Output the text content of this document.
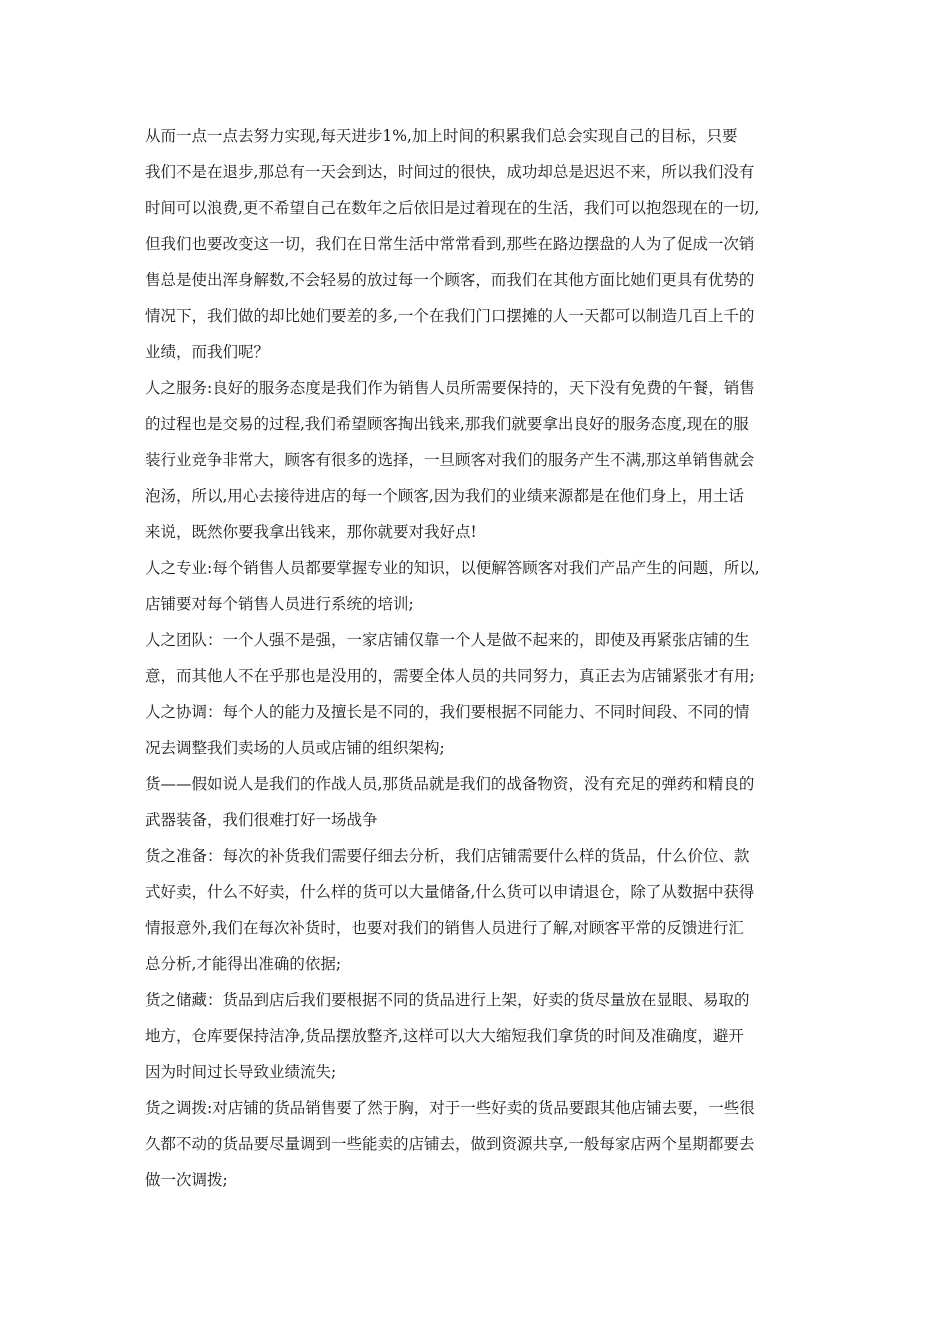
从而一点一点去努力实现,每天进步1%,加上时间的积累我们总会实现自己的目标，只要
我们不是在退步,那总有一天会到达，时间过的很快，成功却总是迟迟不来，所以我们没有
时间可以浪费,更不希望自己在数年之后依旧是过着现在的生活，我们可以抱怨现在的一切,
但我们也要改变这一切，我们在日常生活中常常看到,那些在路边摆盘的人为了促成一次销
售总是使出浑身解数,不会轻易的放过每一个顾客，而我们在其他方面比她们更具有优势的
情况下，我们做的却比她们要差的多,一个在我们门口摆摊的人一天都可以制造几百上千的
业绩，而我们呢？
人之服务:良好的服务态度是我们作为销售人员所需要保持的，天下没有免费的午餐，销售
的过程也是交易的过程,我们希望顾客掏出钱来,那我们就要拿出良好的服务态度,现在的服
装行业竞争非常大，顾客有很多的选择，一旦顾客对我们的服务产生不满,那这单销售就会
泡汤，所以,用心去接待进店的每一个顾客,因为我们的业绩来源都是在他们身上，用土话
来说，既然你要我拿出钱来，那你就要对我好点!
人之专业:每个销售人员都要掌握专业的知识，以便解答顾客对我们产品产生的问题，所以,
店铺要对每个销售人员进行系统的培训;
人之团队：一个人强不是强，一家店铺仅靠一个人是做不起来的，即使及再紧张店铺的生
意，而其他人不在乎那也是没用的，需要全体人员的共同努力，真正去为店铺紧张才有用;
人之协调：每个人的能力及擅长是不同的，我们要根据不同能力、不同时间段、不同的情
况去调整我们卖场的人员或店铺的组织架构;
货——假如说人是我们的作战人员,那货品就是我们的战备物资，没有充足的弹药和精良的
武器装备，我们很难打好一场战争
货之准备：每次的补货我们需要仔细去分析，我们店铺需要什么样的货品，什么价位、款
式好卖，什么不好卖，什么样的货可以大量储备,什么货可以申请退仓，除了从数据中获得
情报意外,我们在每次补货时，也要对我们的销售人员进行了解,对顾客平常的反馈进行汇
总分析,才能得出准确的依据;
货之储藏：货品到店后我们要根据不同的货品进行上架，好卖的货尽量放在显眼、易取的
地方，仓库要保持洁净,货品摆放整齐,这样可以大大缩短我们拿货的时间及准确度，避开
因为时间过长导致业绩流失;
货之调拨:对店铺的货品销售要了然于胸，对于一些好卖的货品要跟其他店铺去要，一些很
久都不动的货品要尽量调到一些能卖的店铺去，做到资源共享,一般每家店两个星期都要去
做一次调拨;
